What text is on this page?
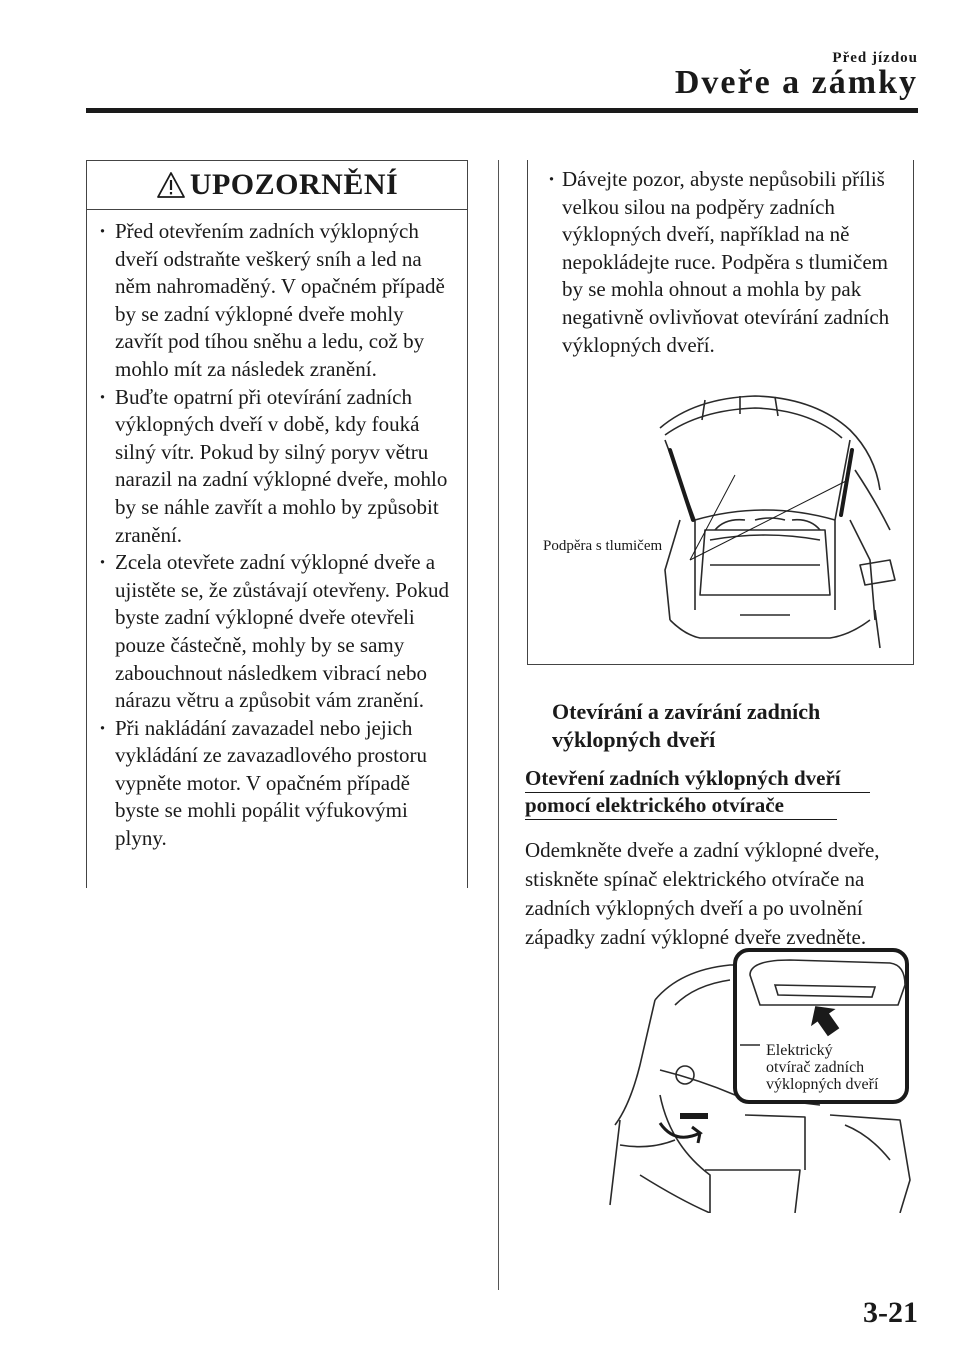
Před jízdou
Dveře a zámky
UPOZORNĚNÍ
· Před otevřením zadních výklopných dveří odstraňte veškerý sníh a led na něm nahromaděný. V opačném případě by se zadní výklopné dveře mohly zavřít pod tíhou sněhu a ledu, což by mohlo mít za následek zranění.
· Buďte opatrní při otevírání zadních výklopných dveří v době, kdy fouká silný vítr. Pokud by silný poryv větru narazil na zadní výklopné dveře, mohlo by se náhle zavřít a mohlo by způsobit zranění.
· Zcela otevřete zadní výklopné dveře a ujistěte se, že zůstávají otevřeny. Pokud byste zadní výklopné dveře otevřeli pouze částečně, mohly by se samy zabouchnout následkem vibrací nebo nárazu větru a způsobit vám zranění.
· Při nakládání zavazadel nebo jejich vykládání ze zavazadlového prostoru vypněte motor. V opačném případě byste se mohli popálit výfukovými plyny.
· Dávejte pozor, abyste nepůsobili příliš velkou silou na podpěry zadních výklopných dveří, například na ně nepokládejte ruce. Podpěra s tlumičem by se mohla ohnout a mohla by pak negativně ovlivňovat otevírání zadních výklopných dveří.
Podpěra s tlumičem
Otevírání a zavírání zadních výklopných dveří
Otevření zadních výklopných dveří
pomocí elektrického otvírače
Odemkněte dveře a zadní výklopné dveře, stiskněte spínač elektrického otvírače na zadních výklopných dveří a po uvolnění západky zadní výklopné dveře zvedněte.
Elektrický
otvírač zadních
výklopných dveří
3-21
